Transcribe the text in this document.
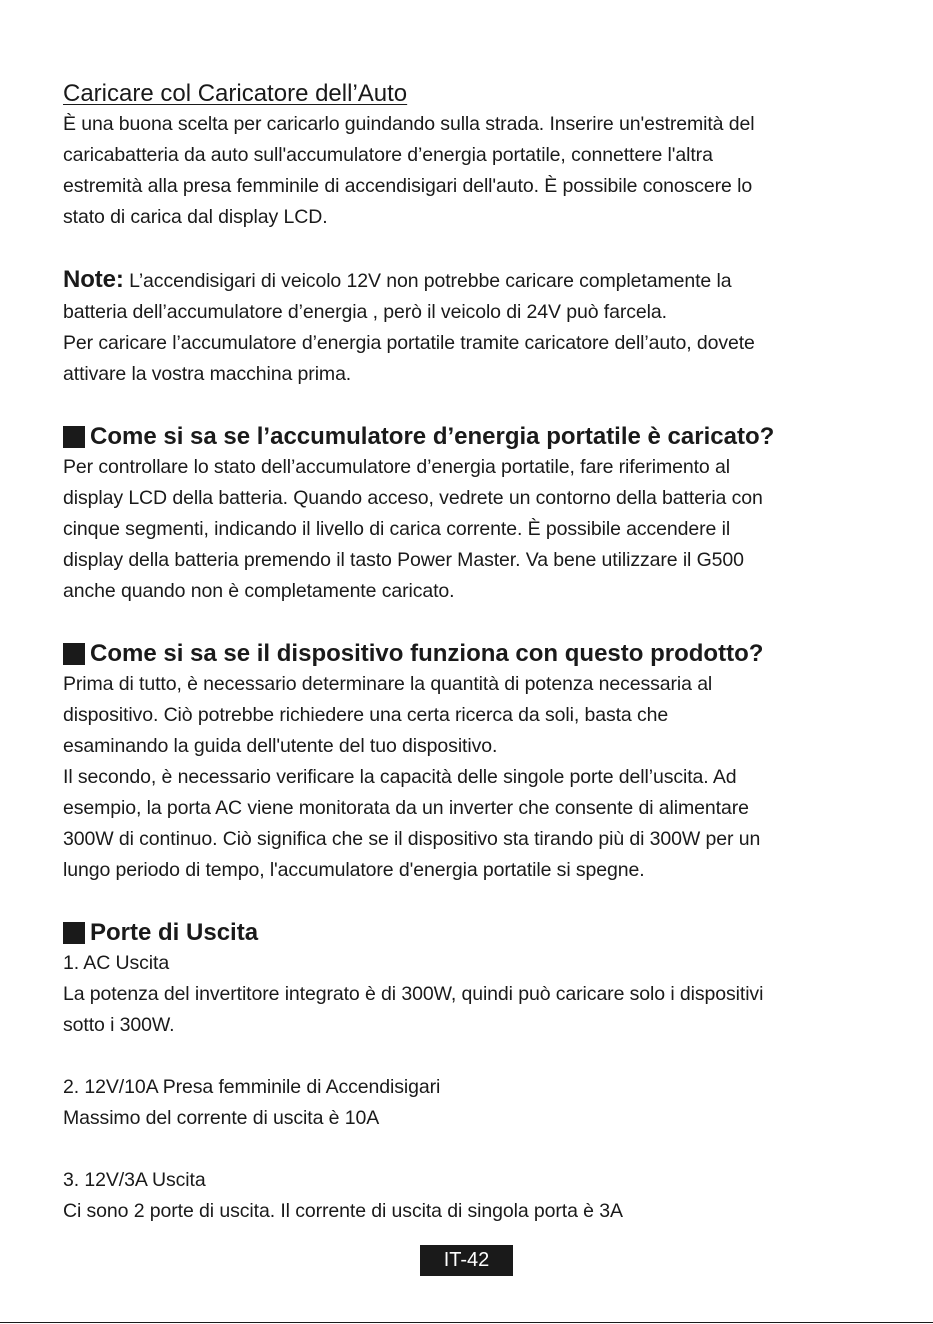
Caricare col Caricatore dell’Auto

È una buona scelta per caricarlo guindando sulla strada. Inserire un'estremità del

caricabatteria da auto sull'accumulatore d’energia portatile, connettere l'altra

estremità alla presa femminile di accendisigari dell'auto. È possibile conoscere lo

stato di carica dal display LCD.

Note: L’accendisigari di veicolo 12V non potrebbe caricare completamente la

batteria dell’accumulatore d’energia , però il veicolo di 24V può farcela.

Per caricare l’accumulatore d’energia portatile tramite caricatore dell’auto, dovete

attivare la vostra macchina prima.

Come si sa se l’accumulatore d’energia portatile è caricato?

Per controllare lo stato dell’accumulatore d’energia portatile, fare riferimento al

display LCD della batteria. Quando acceso, vedrete un contorno della batteria con

cinque segmenti, indicando il livello di carica corrente. È possibile accendere il

display della batteria premendo il tasto Power Master. Va bene utilizzare il G500

anche quando non è completamente caricato.

Come si sa se il dispositivo funziona con questo prodotto?

Prima di tutto, è necessario determinare la quantità di potenza necessaria al

dispositivo. Ciò potrebbe richiedere una certa ricerca da soli, basta che

esaminando la guida dell'utente del tuo dispositivo.

Il secondo, è necessario verificare la capacità delle singole porte dell’uscita. Ad

esempio, la porta AC viene monitorata da un inverter che consente di alimentare

300W di continuo. Ciò significa che se il dispositivo sta tirando più di 300W per un

lungo periodo di tempo, l'accumulatore d'energia portatile si spegne.

Porte di Uscita

1. AC Uscita

La potenza del invertitore integrato è di 300W, quindi può caricare solo i dispositivi

sotto i 300W.

2. 12V/10A Presa femminile di Accendisigari

Massimo del corrente di uscita è 10A

3. 12V/3A Uscita

Ci sono 2 porte di uscita. Il corrente di uscita di singola porta è 3A

IT-42
